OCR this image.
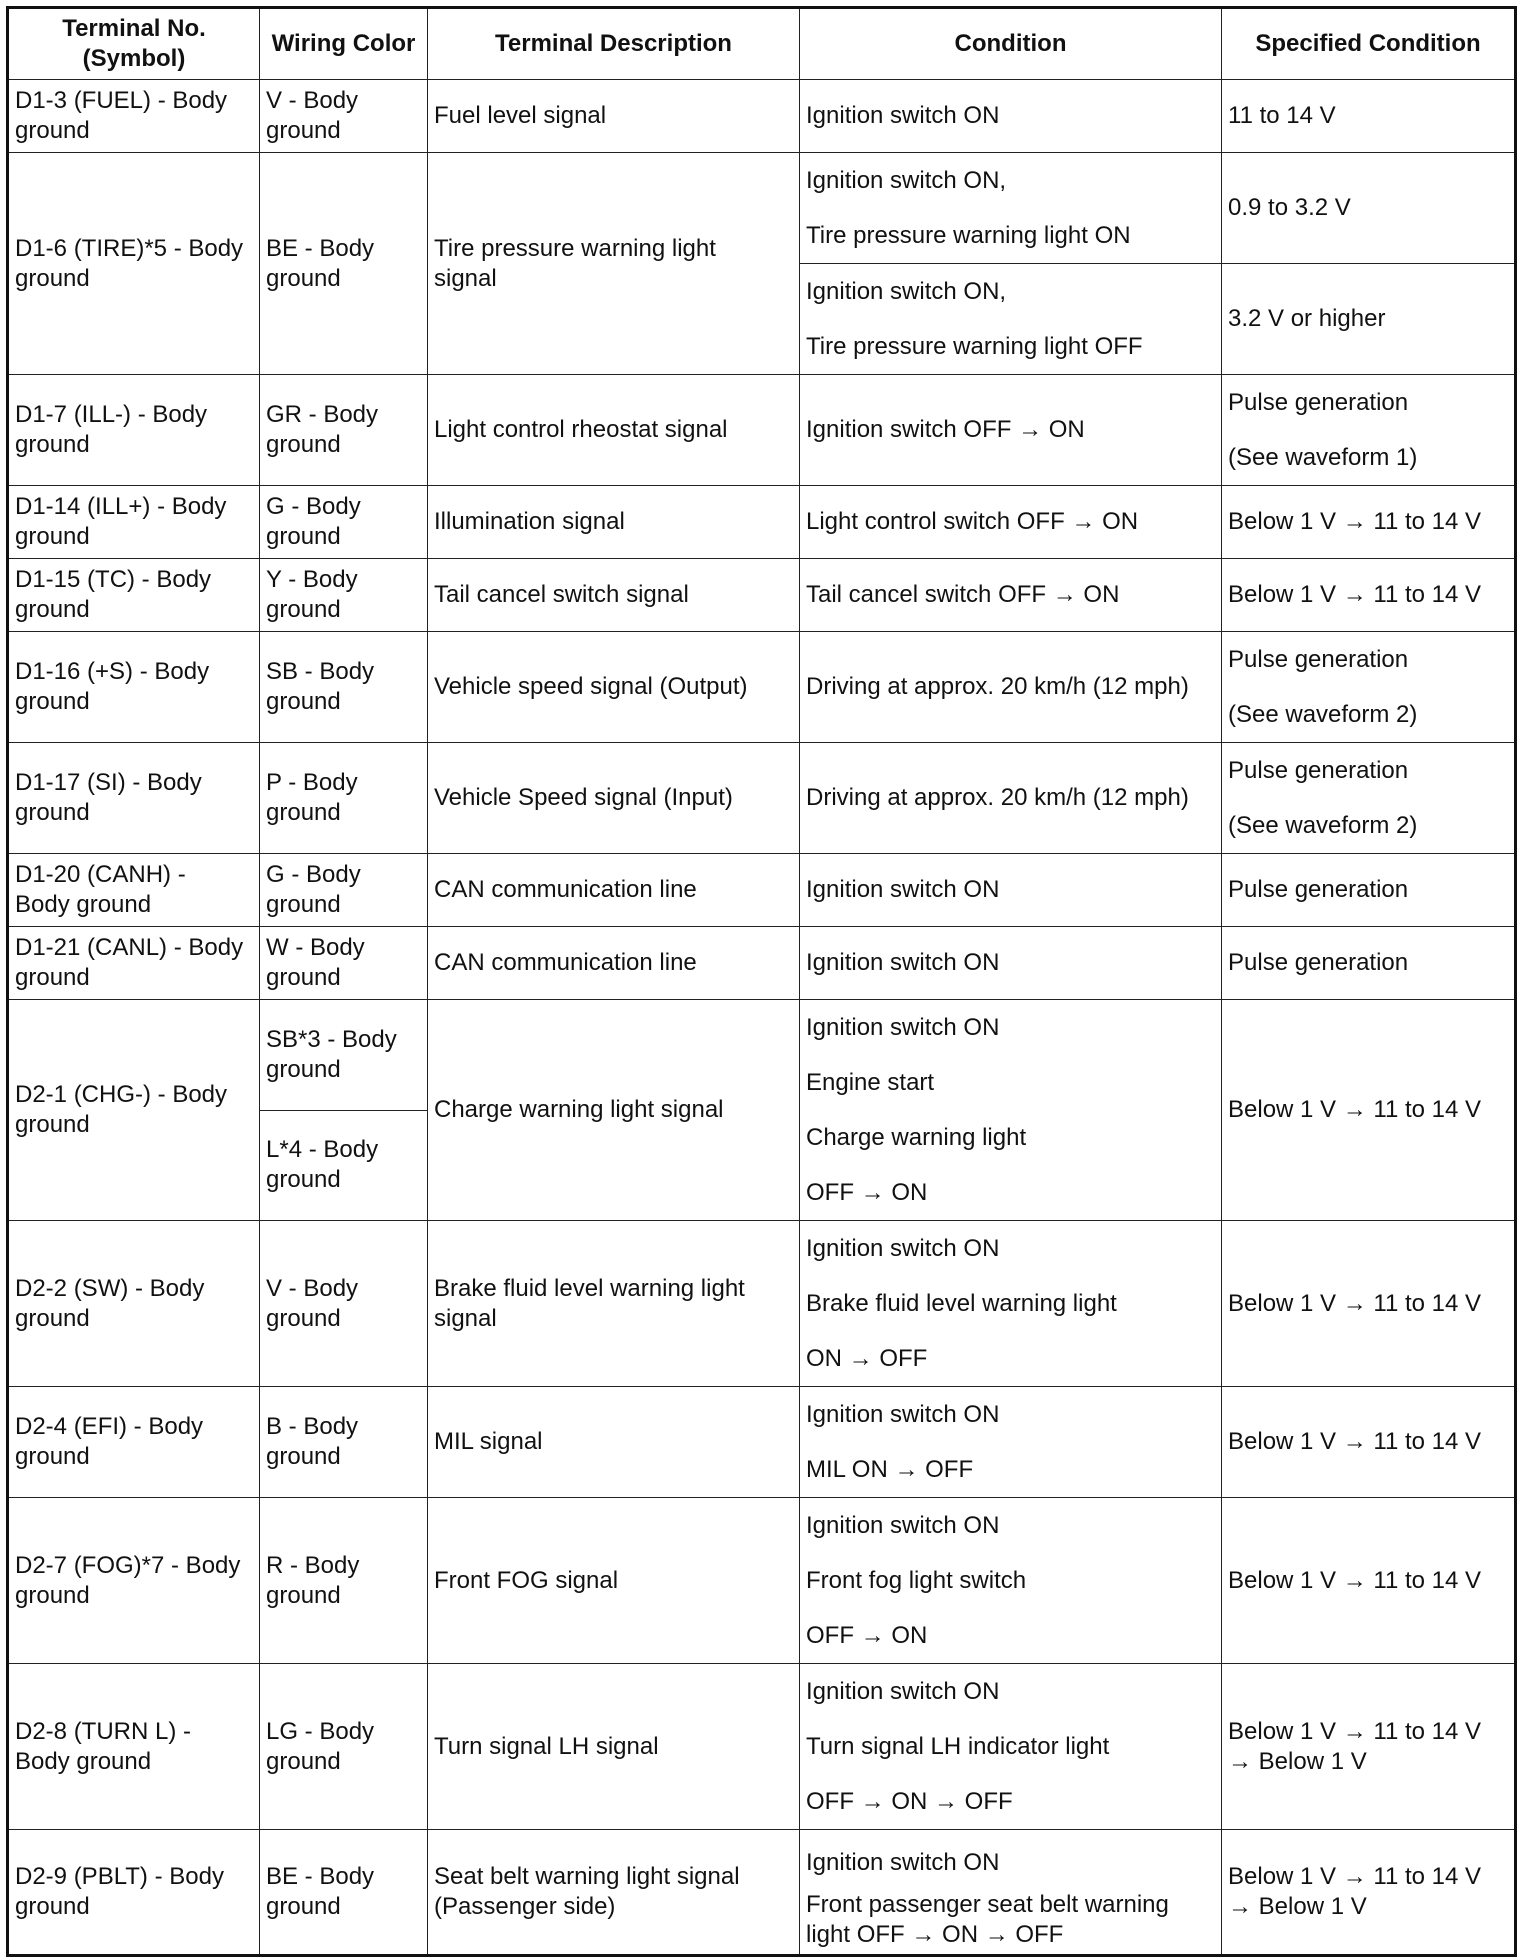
Terminal No.
(Symbol)	Wiring Color	Terminal Description	Condition	Specified Condition

D1-3 (FUEL) - Body
ground	V - Body
ground	Fuel level signal	Ignition switch ON	11 to 14 V

D1-6 (TIRE)*5 - Body
ground	BE - Body
ground	Tire pressure warning light
signal	Ignition switch ON,
Tire pressure warning light ON	0.9 to 3.2 V

			Ignition switch ON,
Tire pressure warning light OFF	3.2 V or higher

D1-7 (ILL-) - Body
ground	GR - Body
ground	Light control rheostat signal	Ignition switch OFF → ON	Pulse generation
(See waveform 1)

D1-14 (ILL+) - Body
ground	G - Body
ground	Illumination signal	Light control switch OFF → ON	Below 1 V → 11 to 14 V

D1-15 (TC) - Body
ground	Y - Body
ground	Tail cancel switch signal	Tail cancel switch OFF → ON	Below 1 V → 11 to 14 V

D1-16 (+S) - Body
ground	SB - Body
ground	Vehicle speed signal (Output)	Driving at approx. 20 km/h (12 mph)	Pulse generation
(See waveform 2)

D1-17 (SI) - Body
ground	P - Body
ground	Vehicle Speed signal (Input)	Driving at approx. 20 km/h (12 mph)	Pulse generation
(See waveform 2)

D1-20 (CANH) -
Body ground	G - Body
ground	CAN communication line	Ignition switch ON	Pulse generation

D1-21 (CANL) - Body
ground	W - Body
ground	CAN communication line	Ignition switch ON	Pulse generation

D2-1 (CHG-) - Body
ground	SB*3 - Body
ground	Charge warning light signal	Ignition switch ON
Engine start
Charge warning light
OFF → ON	Below 1 V → 11 to 14 V

	L*4 - Body
ground			

D2-2 (SW) - Body
ground	V - Body
ground	Brake fluid level warning light
signal	Ignition switch ON
Brake fluid level warning light
ON → OFF	Below 1 V → 11 to 14 V

D2-4 (EFI) - Body
ground	B - Body
ground	MIL signal	Ignition switch ON
MIL ON → OFF	Below 1 V → 11 to 14 V

D2-7 (FOG)*7 - Body
ground	R - Body
ground	Front FOG signal	Ignition switch ON
Front fog light switch
OFF → ON	Below 1 V → 11 to 14 V

D2-8 (TURN L) -
Body ground	LG - Body
ground	Turn signal LH signal	Ignition switch ON
Turn signal LH indicator light
OFF → ON → OFF	Below 1 V → 11 to 14 V
→ Below 1 V

D2-9 (PBLT) - Body
ground	BE - Body
ground	Seat belt warning light signal
(Passenger side)	Ignition switch ON
Front passenger seat belt warning
light OFF → ON → OFF	Below 1 V → 11 to 14 V
→ Below 1 V
